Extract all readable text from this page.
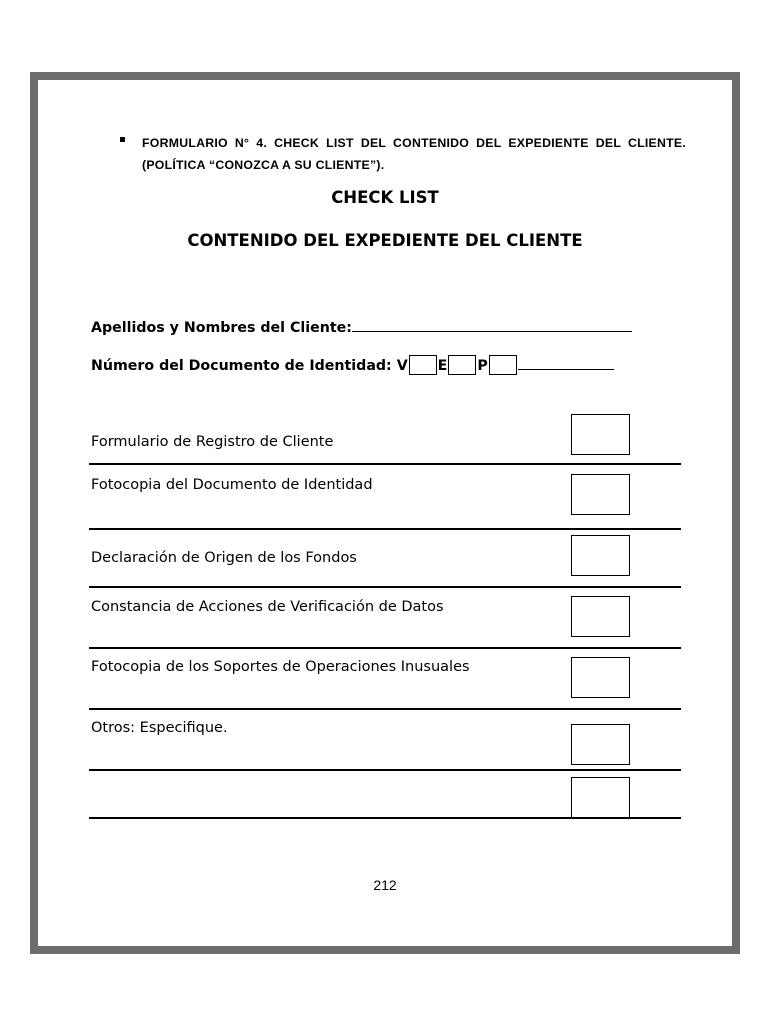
FORMULARIO N° 4. CHECK LIST DEL CONTENIDO DEL EXPEDIENTE DEL CLIENTE. (POLÍTICA “CONOZCA A SU CLIENTE”).

CHECK LIST
CONTENIDO DEL EXPEDIENTE DEL CLIENTE
Apellidos y Nombres del Cliente:
Número del Documento de Identidad: V E P
Formulario de Registro de Cliente
Fotocopia del Documento de Identidad
Declaración de Origen de los Fondos
Constancia de Acciones de Verificación de Datos
Fotocopia de los Soportes de Operaciones Inusuales
Otros: Especifique.
212
